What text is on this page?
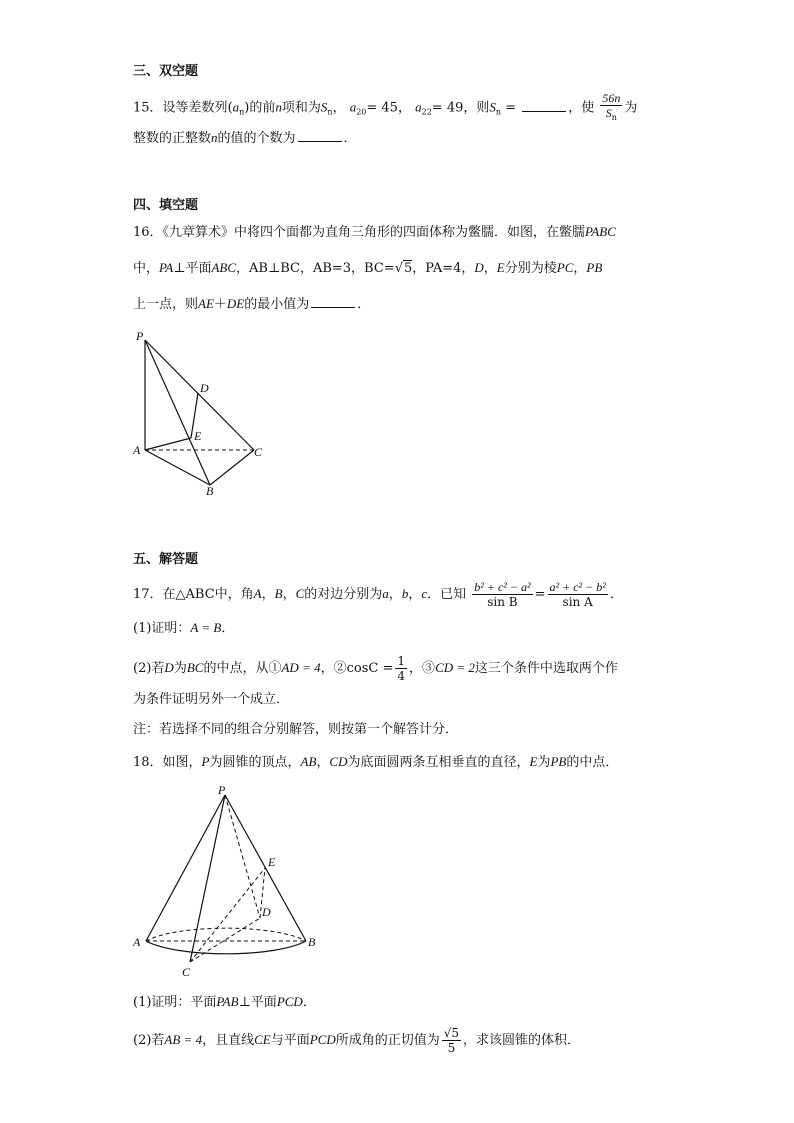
三、双空题
15．设等差数列$(a_n)$的前n项和为$S_n$， $a_{20}= 45$， $a_{22}= 49$，则$S_n$ =	，使 $\frac{56n}{S_n}$ 为
整数的正整数n的值的个数为	．
四、填空题
16．《九章算术》中将四个面都为直角三角形的四面体称为鳖臑．如图，在鳖臑PABC
中，PA⊥平面ABC，AB⊥BC，AB=3，BC=√5，PA=4，D，E分别为棱PC，PB
上一点，则AE＋DE的最小值为	．
P
D
E
A	C
B
五、解答题
17．在△ABC中，角A，B，C的对边分别为a，b，c．已知 $\frac{\text{b² + c² − a²}}{\text{sin B}} = \frac{\text{a² + c² − b²}}{\text{sin A}}$ ．
(1)证明：A = B．
(2)若D为BC的中点，从①AD = 4，②cosC = $\frac{1}{4}$ ，③CD = 2这三个条件中选取两个作
为条件证明另外一个成立．
注：若选择不同的组合分别解答，则按第一个解答计分．
18．如图，P为圆锥的顶点，AB，CD为底面圆两条互相垂直的直径，E为PB的中点．
P
E
D
A	B
C
(1)证明：平面PAB⊥平面PCD．
(2)若AB = 4，且直线CE与平面PCD所成角的正切值为 $\frac{√5}{5}$ ，求该圆锥的体积．
